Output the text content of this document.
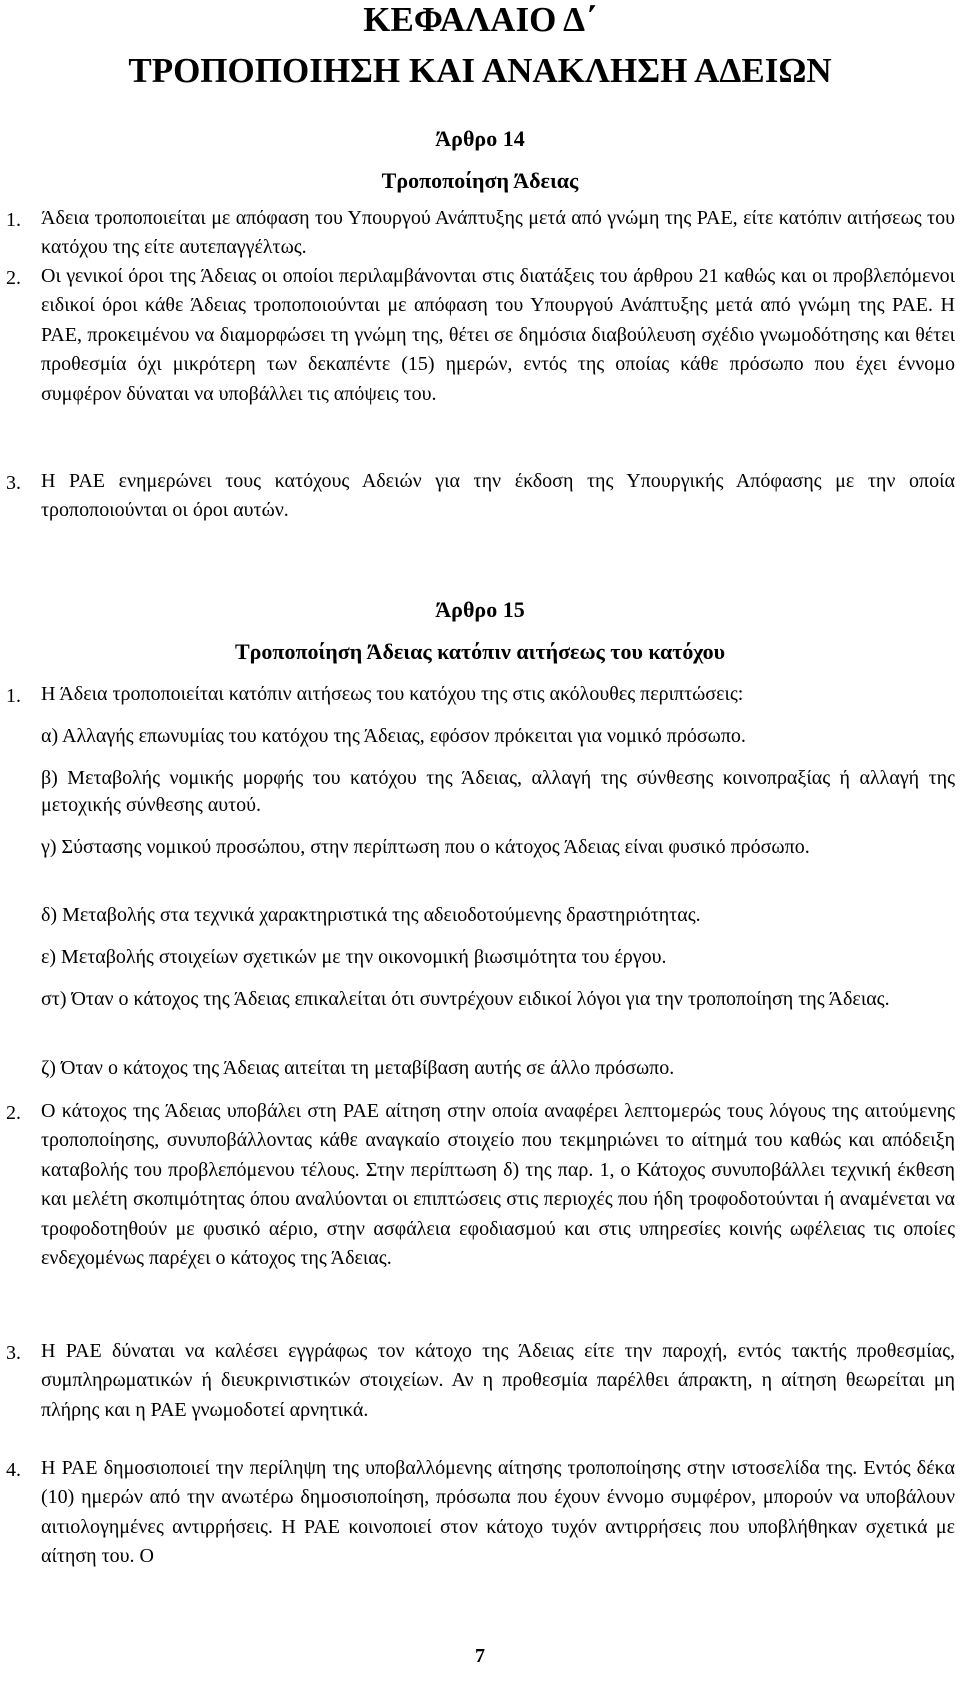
ΚΕΦΑΛΑΙΟ Δ΄
ΤΡΟΠΟΠΟΙΗΣΗ ΚΑΙ ΑΝΑΚΛΗΣΗ ΑΔΕΙΩΝ
Άρθρο 14
Τροποποίηση Άδειας
1. Άδεια τροποποιείται με απόφαση του Υπουργού Ανάπτυξης μετά από γνώμη της ΡΑΕ, είτε κατόπιν αιτήσεως του κατόχου της είτε αυτεπαγγέλτως.
2. Οι γενικοί όροι της Άδειας οι οποίοι περιλαμβάνονται στις διατάξεις του άρθρου 21 καθώς και οι προβλεπόμενοι ειδικοί όροι κάθε Άδειας τροποποιούνται με απόφαση του Υπουργού Ανάπτυξης μετά από γνώμη της ΡΑΕ. Η ΡΑΕ, προκειμένου να διαμορφώσει τη γνώμη της, θέτει σε δημόσια διαβούλευση σχέδιο γνωμοδότησης και θέτει προθεσμία όχι μικρότερη των δεκαπέντε (15) ημερών, εντός της οποίας κάθε πρόσωπο που έχει έννομο συμφέρον δύναται να υποβάλλει τις απόψεις του.
3. Η ΡΑΕ ενημερώνει τους κατόχους Αδειών για την έκδοση της Υπουργικής Απόφασης με την οποία τροποποιούνται οι όροι αυτών.
Άρθρο 15
Τροποποίηση Άδειας κατόπιν αιτήσεως του κατόχου
1. Η Άδεια τροποποιείται κατόπιν αιτήσεως του κατόχου της στις ακόλουθες περιπτώσεις:
α) Αλλαγής επωνυμίας του κατόχου της Άδειας, εφόσον πρόκειται για νομικό πρόσωπο.
β) Μεταβολής νομικής μορφής του κατόχου της Άδειας, αλλαγή της σύνθεσης κοινοπραξίας ή αλλαγή της μετοχικής σύνθεσης αυτού.
γ) Σύστασης νομικού προσώπου, στην περίπτωση που ο κάτοχος Άδειας είναι φυσικό πρόσωπο.
δ) Μεταβολής στα τεχνικά χαρακτηριστικά της αδειοδοτούμενης δραστηριότητας.
ε) Μεταβολής στοιχείων σχετικών με την οικονομική βιωσιμότητα του έργου.
στ) Όταν ο κάτοχος της Άδειας επικαλείται ότι συντρέχουν ειδικοί λόγοι για την τροποποίηση της Άδειας.
ζ) Όταν ο κάτοχος της Άδειας αιτείται τη μεταβίβαση αυτής σε άλλο πρόσωπο.
2. Ο κάτοχος της Άδειας υποβάλει στη ΡΑΕ αίτηση στην οποία αναφέρει λεπτομερώς τους λόγους της αιτούμενης τροποποίησης, συνυποβάλλοντας κάθε αναγκαίο στοιχείο που τεκμηριώνει το αίτημά του καθώς και απόδειξη καταβολής του προβλεπόμενου τέλους. Στην περίπτωση δ) της παρ. 1, ο Κάτοχος συνυποβάλλει τεχνική έκθεση και μελέτη σκοπιμότητας όπου αναλύονται οι επιπτώσεις στις περιοχές που ήδη τροφοδοτούνται ή αναμένεται να τροφοδοτηθούν με φυσικό αέριο, στην ασφάλεια εφοδιασμού και στις υπηρεσίες κοινής ωφέλειας τις οποίες ενδεχομένως παρέχει ο κάτοχος της Άδειας.
3. Η ΡΑΕ δύναται να καλέσει εγγράφως τον κάτοχο της Άδειας είτε την παροχή, εντός τακτής προθεσμίας, συμπληρωματικών ή διευκρινιστικών στοιχείων. Αν η προθεσμία παρέλθει άπρακτη, η αίτηση θεωρείται μη πλήρης και η ΡΑΕ γνωμοδοτεί αρνητικά.
4. Η ΡΑΕ δημοσιοποιεί την περίληψη της υποβαλλόμενης αίτησης τροποποίησης στην ιστοσελίδα της. Εντός δέκα (10) ημερών από την ανωτέρω δημοσιοποίηση, πρόσωπα που έχουν έννομο συμφέρον, μπορούν να υποβάλουν αιτιολογημένες αντιρρήσεις. Η ΡΑΕ κοινοποιεί στον κάτοχο τυχόν αντιρρήσεις που υποβλήθηκαν σχετικά με αίτηση του. Ο
7
